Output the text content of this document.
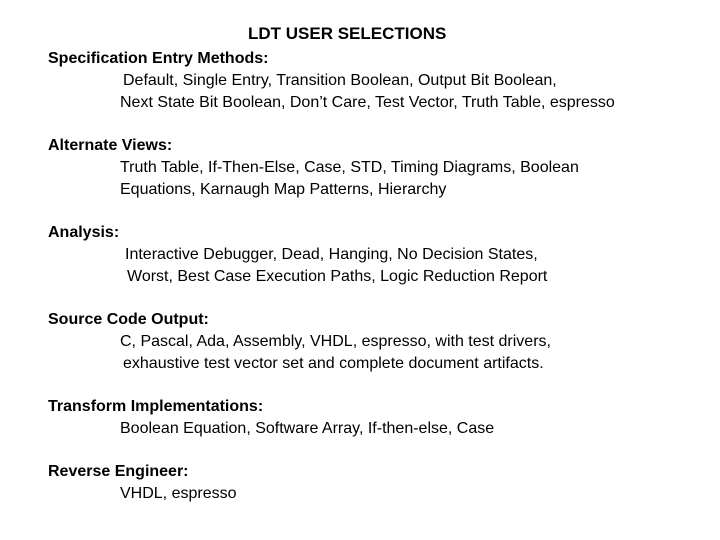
LDT USER SELECTIONS
Specification Entry Methods:
Default, Single Entry, Transition Boolean, Output Bit Boolean,
Next State Bit Boolean, Don’t Care, Test Vector, Truth Table, espresso
Alternate Views:
Truth Table, If-Then-Else, Case, STD, Timing Diagrams, Boolean
Equations, Karnaugh Map Patterns, Hierarchy
Analysis:
Interactive Debugger, Dead, Hanging, No Decision States,
Worst, Best Case Execution Paths, Logic Reduction Report
Source Code Output:
C, Pascal, Ada, Assembly, VHDL, espresso, with test drivers,
exhaustive test vector set and complete document artifacts.
Transform Implementations:
Boolean Equation, Software Array, If-then-else, Case
Reverse Engineer:
VHDL, espresso
